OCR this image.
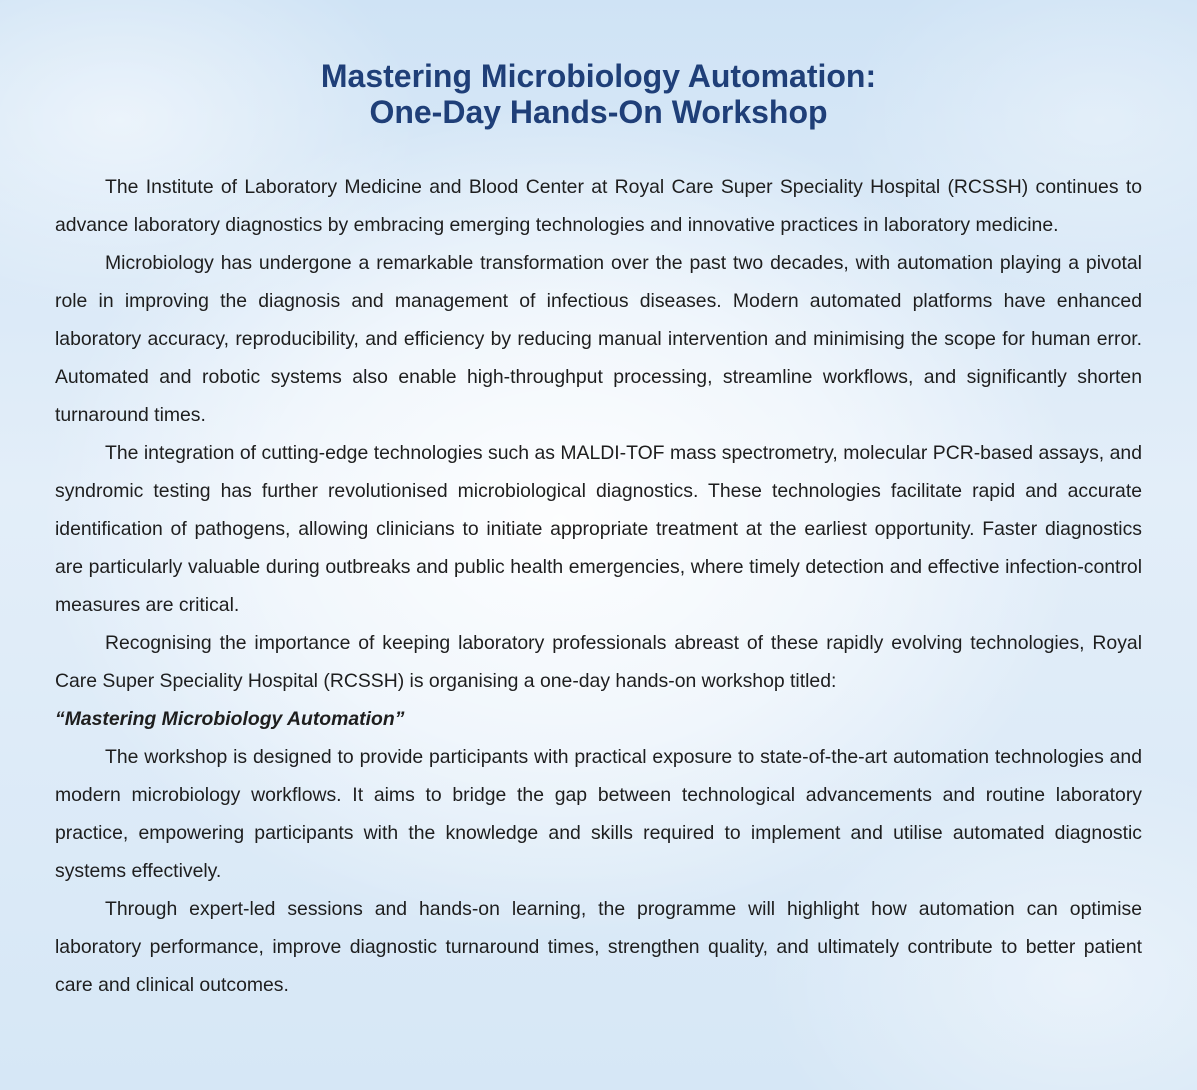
Mastering Microbiology Automation:
One-Day Hands-On Workshop

The Institute of Laboratory Medicine and Blood Center at Royal Care Super Speciality Hospital (RCSSH) continues to advance laboratory diagnostics by embracing emerging technologies and innovative practices in laboratory medicine.

Microbiology has undergone a remarkable transformation over the past two decades, with automation playing a pivotal role in improving the diagnosis and management of infectious diseases. Modern automated platforms have enhanced laboratory accuracy, reproducibility, and efficiency by reducing manual intervention and minimising the scope for human error. Automated and robotic systems also enable high-throughput processing, streamline workflows, and significantly shorten turnaround times.

The integration of cutting-edge technologies such as MALDI-TOF mass spectrometry, molecular PCR-based assays, and syndromic testing has further revolutionised microbiological diagnostics. These technologies facilitate rapid and accurate identification of pathogens, allowing clinicians to initiate appropriate treatment at the earliest opportunity. Faster diagnostics are particularly valuable during outbreaks and public health emergencies, where timely detection and effective infection-control measures are critical.

Recognising the importance of keeping laboratory professionals abreast of these rapidly evolving technologies, Royal Care Super Speciality Hospital (RCSSH) is organising a one-day hands-on workshop titled:
“Mastering Microbiology Automation”

The workshop is designed to provide participants with practical exposure to state-of-the-art automation technologies and modern microbiology workflows. It aims to bridge the gap between technological advancements and routine laboratory practice, empowering participants with the knowledge and skills required to implement and utilise automated diagnostic systems effectively.

Through expert-led sessions and hands-on learning, the programme will highlight how automation can optimise laboratory performance, improve diagnostic turnaround times, strengthen quality, and ultimately contribute to better patient care and clinical outcomes.
